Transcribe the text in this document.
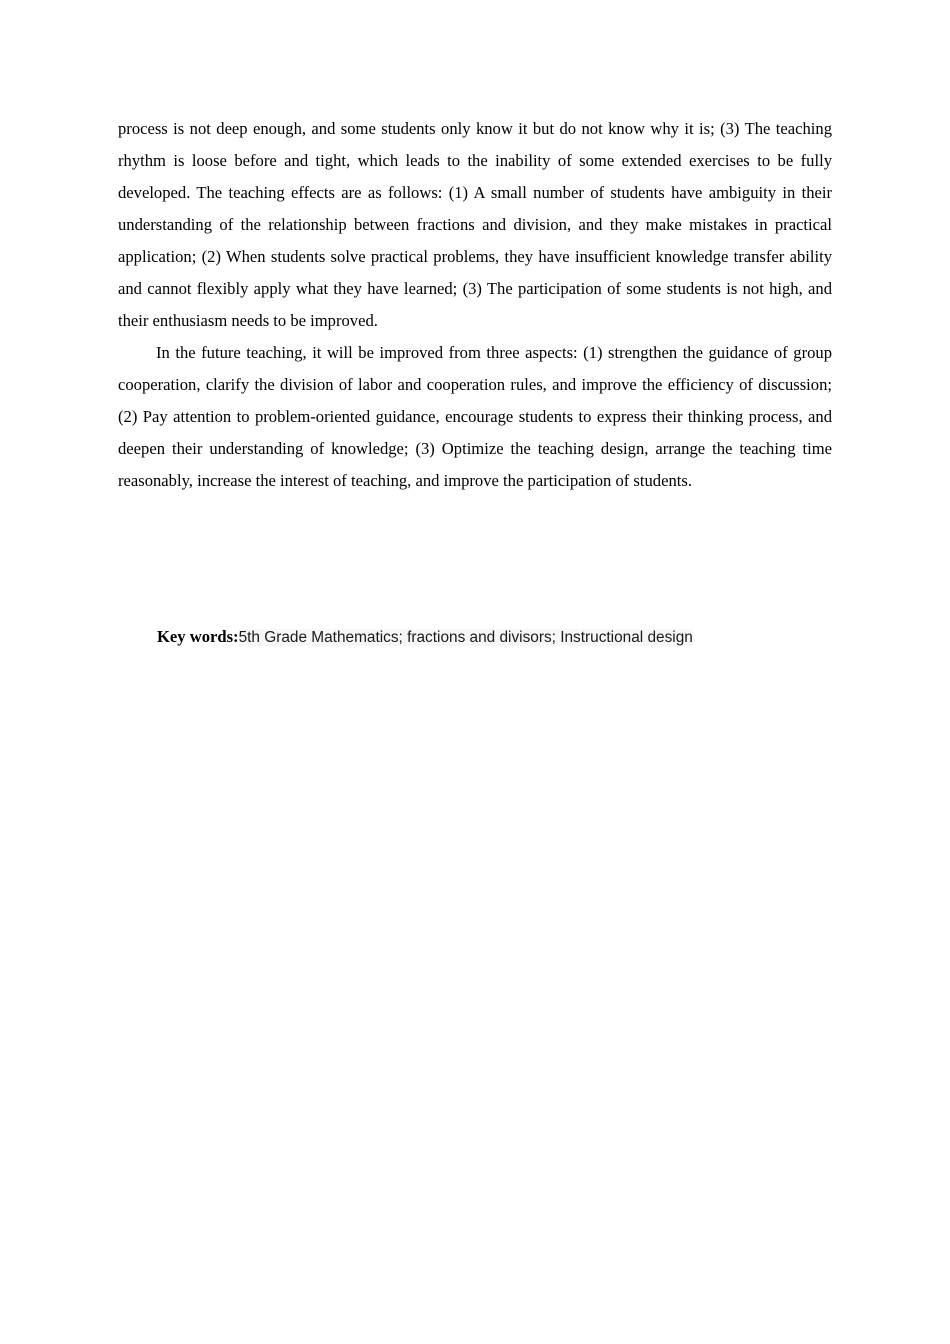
process is not deep enough, and some students only know it but do not know why it is; (3) The teaching rhythm is loose before and tight, which leads to the inability of some extended exercises to be fully developed. The teaching effects are as follows: (1) A small number of students have ambiguity in their understanding of the relationship between fractions and division, and they make mistakes in practical application; (2) When students solve practical problems, they have insufficient knowledge transfer ability and cannot flexibly apply what they have learned; (3) The participation of some students is not high, and their enthusiasm needs to be improved.

In the future teaching, it will be improved from three aspects: (1) strengthen the guidance of group cooperation, clarify the division of labor and cooperation rules, and improve the efficiency of discussion; (2) Pay attention to problem-oriented guidance, encourage students to express their thinking process, and deepen their understanding of knowledge; (3) Optimize the teaching design, arrange the teaching time reasonably, increase the interest of teaching, and improve the participation of students.

Key words:5th Grade Mathematics; fractions and divisors; Instructional design
